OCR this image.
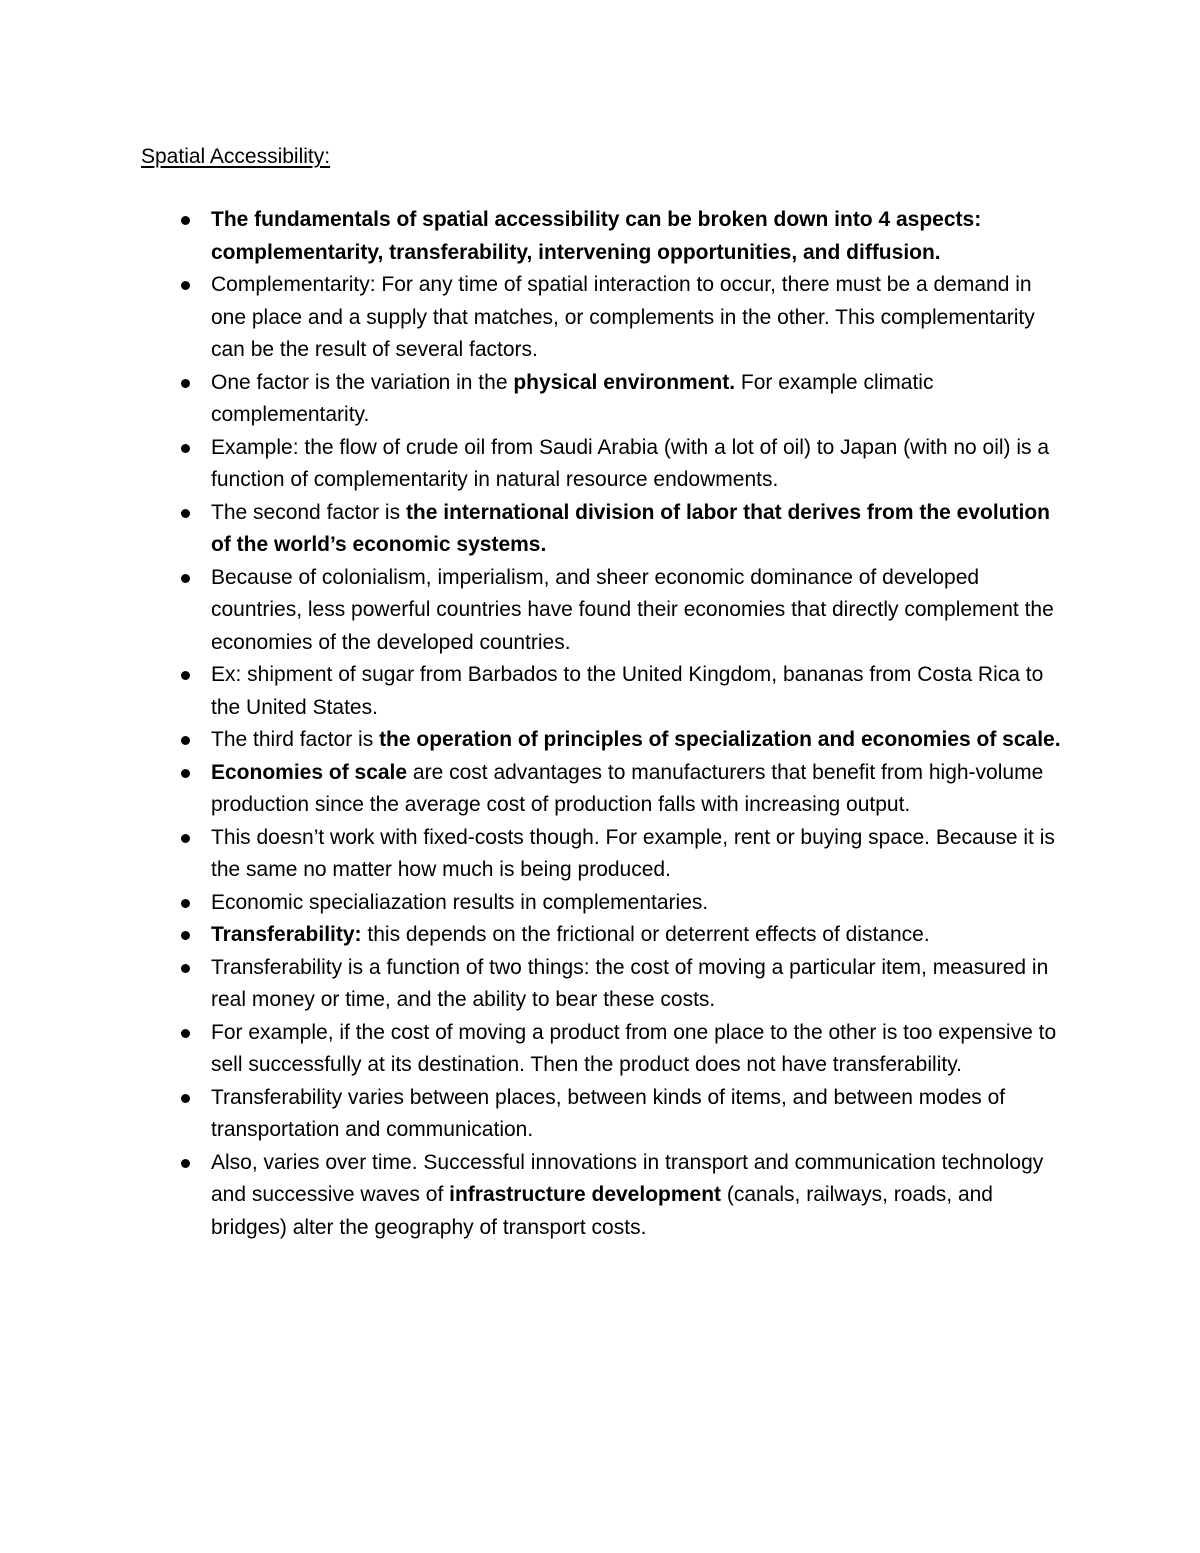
Spatial Accessibility:
The fundamentals of spatial accessibility can be broken down into 4 aspects: complementarity, transferability, intervening opportunities, and diffusion.
Complementarity: For any time of spatial interaction to occur, there must be a demand in one place and a supply that matches, or complements in the other. This complementarity can be the result of several factors.
One factor is the variation in the physical environment. For example climatic complementarity.
Example: the flow of crude oil from Saudi Arabia (with a lot of oil) to Japan (with no oil) is a function of complementarity in natural resource endowments.
The second factor is the international division of labor that derives from the evolution of the world’s economic systems.
Because of colonialism, imperialism, and sheer economic dominance of developed countries, less powerful countries have found their economies that directly complement the economies of the developed countries.
Ex: shipment of sugar from Barbados to the United Kingdom, bananas from Costa Rica to the United States.
The third factor is the operation of principles of specialization and economies of scale.
Economies of scale are cost advantages to manufacturers that benefit from high-volume production since the average cost of production falls with increasing output.
This doesn’t work with fixed-costs though. For example, rent or buying space. Because it is the same no matter how much is being produced.
Economic specialiazation results in complementaries.
Transferability: this depends on the frictional or deterrent effects of distance.
Transferability is a function of two things: the cost of moving a particular item, measured in real money or time, and the ability to bear these costs.
For example, if the cost of moving a product from one place to the other is too expensive to sell successfully at its destination. Then the product does not have transferability.
Transferability varies between places, between kinds of items, and between modes of transportation and communication.
Also, varies over time. Successful innovations in transport and communication technology and successive waves of infrastructure development (canals, railways, roads, and bridges) alter the geography of transport costs.
